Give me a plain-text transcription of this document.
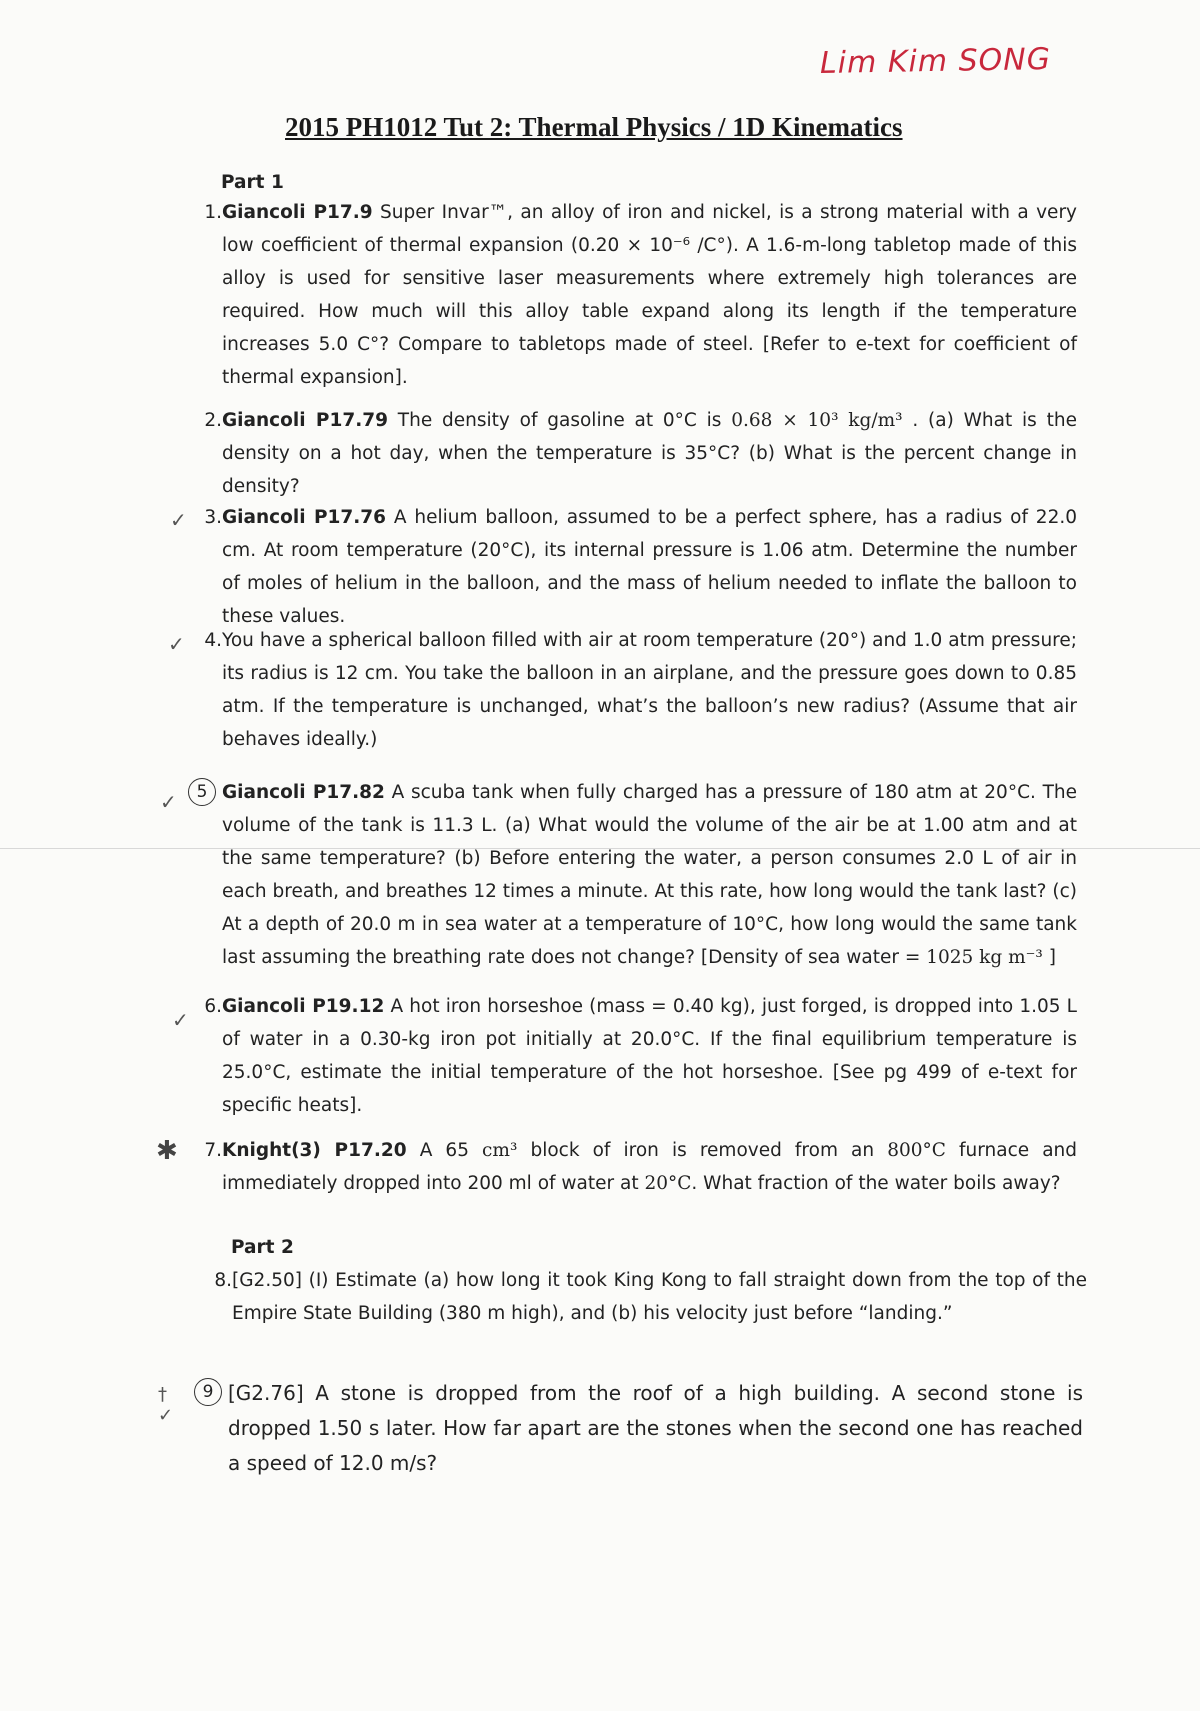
Lim Kim SONG
2015 PH1012 Tut 2: Thermal Physics / 1D Kinematics
Part 1
1. Giancoli P17.9 Super Invar™, an alloy of iron and nickel, is a strong material with a very low coefficient of thermal expansion (0.20 × 10⁻⁶ /C°). A 1.6-m-long tabletop made of this alloy is used for sensitive laser measurements where extremely high tolerances are required. How much will this alloy table expand along its length if the temperature increases 5.0 C°? Compare to tabletops made of steel. [Refer to e-text for coefficient of thermal expansion].
2. Giancoli P17.79 The density of gasoline at 0°C is 0.68 × 10³ kg/m³ . (a) What is the density on a hot day, when the temperature is 35°C? (b) What is the percent change in density?
✓ 3. Giancoli P17.76 A helium balloon, assumed to be a perfect sphere, has a radius of 22.0 cm. At room temperature (20°C), its internal pressure is 1.06 atm. Determine the number of moles of helium in the balloon, and the mass of helium needed to inflate the balloon to these values.
✓	4. You have a spherical balloon filled with air at room temperature (20°) and 1.0 atm pressure; its radius is 12 cm. You take the balloon in an airplane, and the pressure goes down to 0.85 atm. If the temperature is unchanged, what’s the balloon’s new radius? (Assume that air behaves ideally.)
✓	5 Giancoli P17.82 A scuba tank when fully charged has a pressure of 180 atm at 20°C. The volume of the tank is 11.3 L. (a) What would the volume of the air be at 1.00 atm and at the same temperature? (b) Before entering the water, a person consumes 2.0 L of air in each breath, and breathes 12 times a minute. At this rate, how long would the tank last? (c) At a depth of 20.0 m in sea water at a temperature of 10°C, how long would the same tank last assuming the breathing rate does not change? [Density of sea water = 1025 kg m⁻³ ]
✓
6. Giancoli P19.12 A hot iron horseshoe (mass = 0.40 kg), just forged, is dropped into 1.05 L of water in a 0.30-kg iron pot initially at 20.0°C. If the final equilibrium temperature is 25.0°C, estimate the initial temperature of the hot horseshoe. [See pg 499 of e-text for specific heats].
✱	7. Knight(3) P17.20 A 65 cm³ block of iron is removed from an 800°C furnace and immediately dropped into 200 ml of water at 20°C. What fraction of the water boils away?
Part 2
8. [G2.50] (I) Estimate (a) how long it took King Kong to fall straight down from the top of the Empire State Building (380 m high), and (b) his velocity just before “landing.”
†
✓
9 [G2.76] A stone is dropped from the roof of a high building. A second stone is dropped 1.50 s later. How far apart are the stones when the second one has reached a speed of 12.0 m/s?
